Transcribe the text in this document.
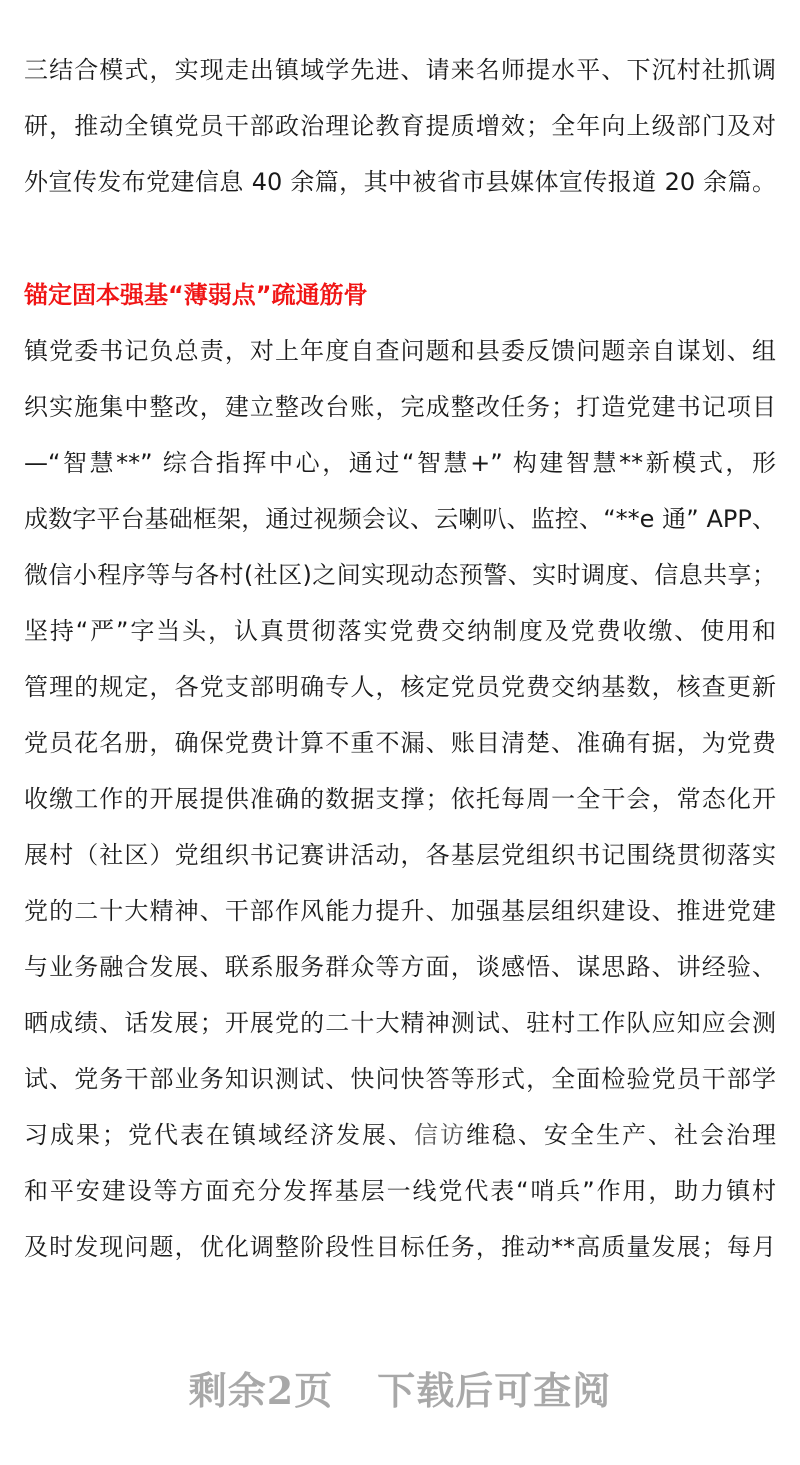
三结合模式，实现走出镇域学先进、请来名师提水平、下沉村社抓调
研，推动全镇党员干部政治理论教育提质增效；全年向上级部门及对
外宣传发布党建信息 40 余篇，其中被省市县媒体宣传报道 20 余篇。
锚定固本强基“薄弱点”疏通筋骨
镇党委书记负总责，对上年度自查问题和县委反馈问题亲自谋划、组
织实施集中整改，建立整改台账，完成整改任务；打造党建书记项目
—“智慧**” 综合指挥中心，通过“智慧+” 构建智慧**新模式，形
成数字平台基础框架，通过视频会议、云喇叭、监控、“**e 通” APP、
微信小程序等与各村(社区)之间实现动态预警、实时调度、信息共享；
坚持“严”字当头，认真贯彻落实党费交纳制度及党费收缴、使用和
管理的规定，各党支部明确专人，核定党员党费交纳基数，核查更新
党员花名册，确保党费计算不重不漏、账目清楚、准确有据，为党费
收缴工作的开展提供准确的数据支撑；依托每周一全干会，常态化开
展村（社区）党组织书记赛讲活动，各基层党组织书记围绕贯彻落实
党的二十大精神、干部作风能力提升、加强基层组织建设、推进党建
与业务融合发展、联系服务群众等方面，谈感悟、谋思路、讲经验、
晒成绩、话发展；开展党的二十大精神测试、驻村工作队应知应会测
试、党务干部业务知识测试、快问快答等形式，全面检验党员干部学
习成果；党代表在镇域经济发展、信访维稳、安全生产、社会治理
和平安建设等方面充分发挥基层一线党代表“哨兵”作用，助力镇村
及时发现问题，优化调整阶段性目标任务，推动**高质量发展；每月
剩余2页 下载后可查阅
